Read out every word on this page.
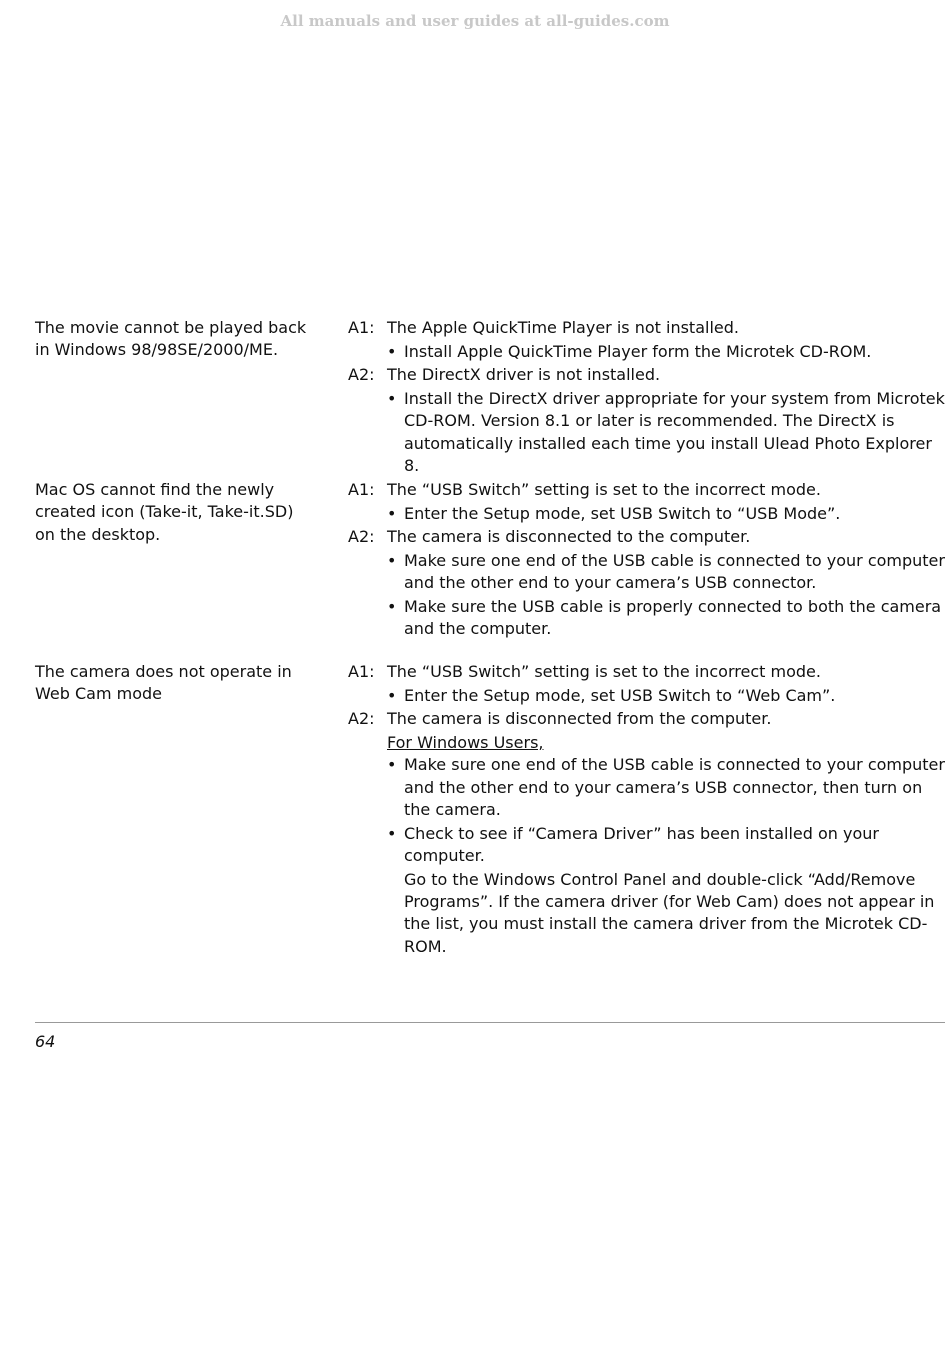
All manuals and user guides at all-guides.com
The movie cannot be played back in Windows 98/98SE/2000/ME.
A1: The Apple QuickTime Player is not installed.
• Install Apple QuickTime Player form the Microtek CD-ROM.
A2: The DirectX driver is not installed.
• Install the DirectX driver appropriate for your system from Microtek CD-ROM. Version 8.1 or later is recommended. The DirectX is automatically installed each time you install Ulead Photo Explorer 8.
Mac OS cannot find the newly created icon (Take-it, Take-it.SD) on the desktop.
A1: The “USB Switch” setting is set to the incorrect mode.
• Enter the Setup mode, set USB Switch to “USB Mode”.
A2: The camera is disconnected to the computer.
• Make sure one end of the USB cable is connected to your computer and the other end to your camera’s USB connector.
• Make sure the USB cable is properly connected to both the camera and the computer.
The camera does not operate in Web Cam mode
A1: The “USB Switch” setting is set to the incorrect mode.
• Enter the Setup mode, set USB Switch to “Web Cam”.
A2: The camera is disconnected from the computer.
For Windows Users,
• Make sure one end of the USB cable is connected to your computer and the other end to your camera’s USB connector, then turn on the camera.
• Check to see if “Camera Driver” has been installed on your computer.
Go to the Windows Control Panel and double-click “Add/Remove Programs”. If the camera driver (for Web Cam) does not appear in the list, you must install the camera driver from the Microtek CD-ROM.
64
